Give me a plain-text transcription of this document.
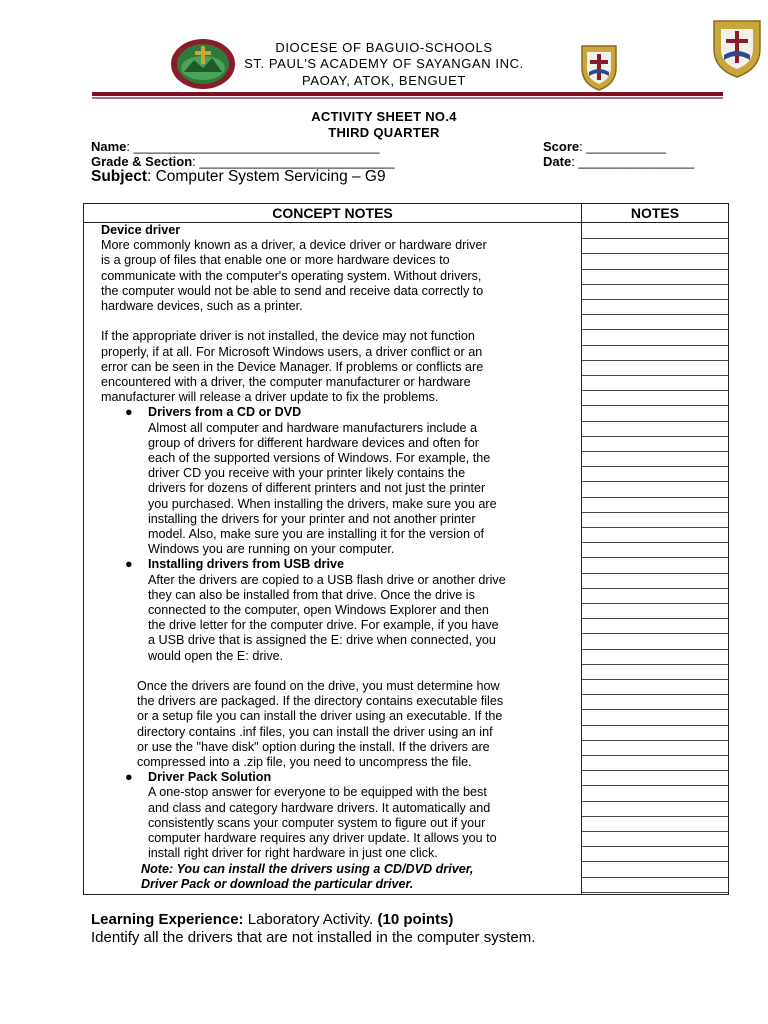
DIOCESE OF BAGUIO-SCHOOLS
ST. PAUL'S ACADEMY OF SAYANGAN INC.
PAOAY, ATOK, BENGUET
ACTIVITY SHEET NO.4
THIRD QUARTER
Name: __________________________________	Score: ___________
Grade & Section: ___________________________	Date: ________________
Subject: Computer System Servicing – G9
CONCEPT NOTES	NOTES

Device driver

More commonly known as a driver, a device driver or hardware driver

is a group of files that enable one or more hardware devices to

communicate with the computer's operating system. Without drivers,

the computer would not be able to send and receive data correctly to

hardware devices, such as a printer.

If the appropriate driver is not installed, the device may not function

properly, if at all. For Microsoft Windows users, a driver conflict or an

error can be seen in the Device Manager. If problems or conflicts are

encountered with a driver, the computer manufacturer or hardware

manufacturer will release a driver update to fix the problems.

● Drivers from a CD or DVD

Almost all computer and hardware manufacturers include a

group of drivers for different hardware devices and often for

each of the supported versions of Windows. For example, the

driver CD you receive with your printer likely contains the

drivers for dozens of different printers and not just the printer

you purchased. When installing the drivers, make sure you are

installing the drivers for your printer and not another printer

model. Also, make sure you are installing it for the version of

Windows you are running on your computer.

● Installing drivers from USB drive

After the drivers are copied to a USB flash drive or another drive

they can also be installed from that drive. Once the drive is

connected to the computer, open Windows Explorer and then

the drive letter for the computer drive. For example, if you have

a USB drive that is assigned the E: drive when connected, you

would open the E: drive.

Once the drivers are found on the drive, you must determine how

the drivers are packaged. If the directory contains executable files

or a setup file you can install the driver using an executable. If the

directory contains .inf files, you can install the driver using an inf

or use the "have disk" option during the install. If the drivers are

compressed into a .zip file, you need to uncompress the file.

● Driver Pack Solution

A one-stop answer for everyone to be equipped with the best

and class and category hardware drivers. It automatically and

consistently scans your computer system to figure out if your

computer hardware requires any driver update. It allows you to

install right driver for right hardware in just one click.

Note: You can install the drivers using a CD/DVD driver,

Driver Pack or download the particular driver.

Learning Experience: Laboratory Activity. (10 points)
Identify all the drivers that are not installed in the computer system.
